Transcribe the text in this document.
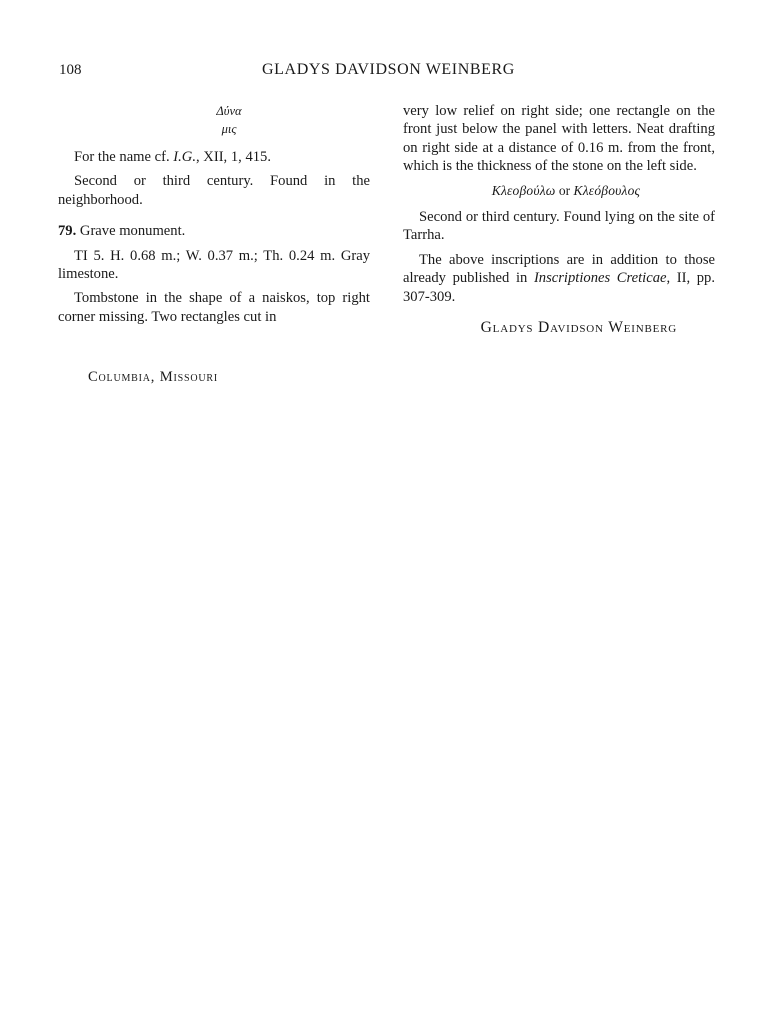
108	GLADYS DAVIDSON WEINBERG
Δύνα
μις

For the name cf. I.G., XII, 1, 415.

Second or third century. Found in the neighborhood.

79. Grave monument.

TI 5. H. 0.68 m.; W. 0.37 m.; Th. 0.24 m. Gray limestone.

Tombstone in the shape of a naiskos, top right corner missing. Two rectangles cut in

very low relief on right side; one rectangle on the front just below the panel with letters. Neat drafting on right side at a distance of 0.16 m. from the front, which is the thickness of the stone on the left side.

Κλεοβούλω or Κλεόβουλος

Second or third century. Found lying on the site of Tarrha.

The above inscriptions are in addition to those already published in Inscriptiones Creticae, II, pp. 307-309.

Gladys Davidson Weinberg
Columbia, Missouri
